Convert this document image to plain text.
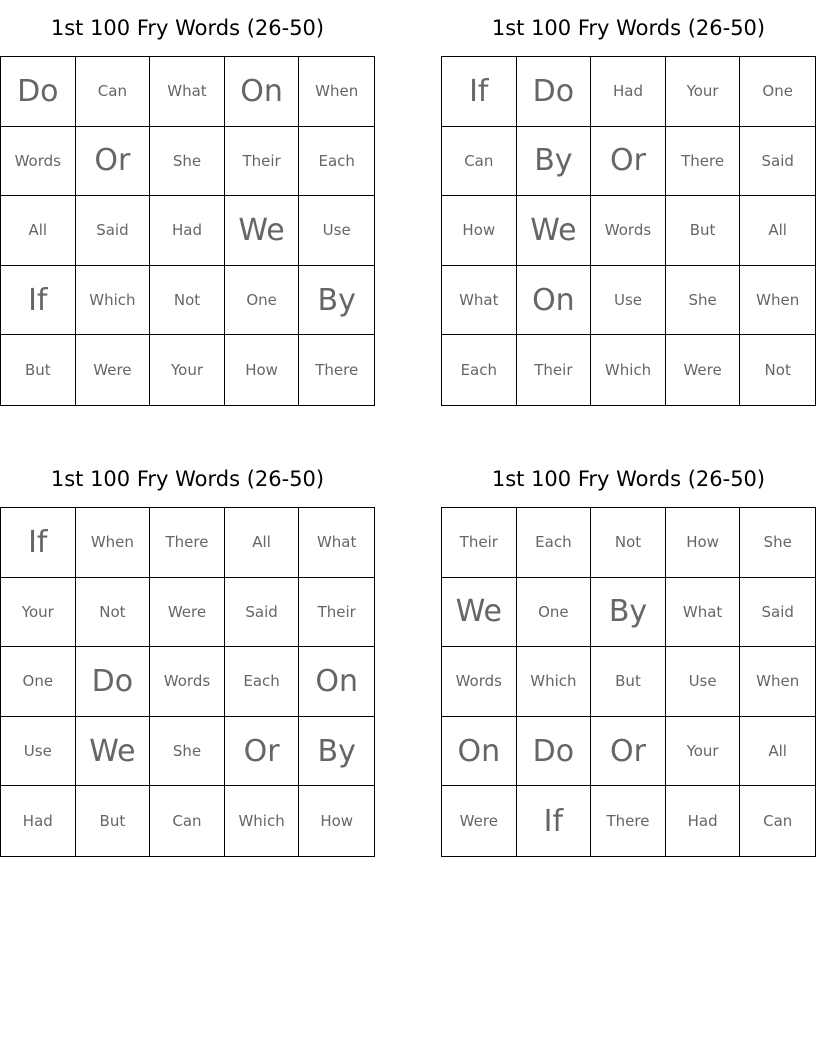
1st 100 Fry Words (26-50)
Do	Can	What	On	When
Words	Or	She	Their	Each
All	Said	Had	We	Use
If	Which	Not	One	By
But	Were	Your	How	There
1st 100 Fry Words (26-50)
If	Do	Had	Your	One
Can	By	Or	There	Said
How	We	Words	But	All
What	On	Use	She	When
Each	Their	Which	Were	Not
1st 100 Fry Words (26-50)
If	When	There	All	What
Your	Not	Were	Said	Their
One	Do	Words	Each	On
Use	We	She	Or	By
Had	But	Can	Which	How
1st 100 Fry Words (26-50)
Their	Each	Not	How	She
We	One	By	What	Said
Words	Which	But	Use	When
On	Do	Or	Your	All
Were	If	There	Had	Can
